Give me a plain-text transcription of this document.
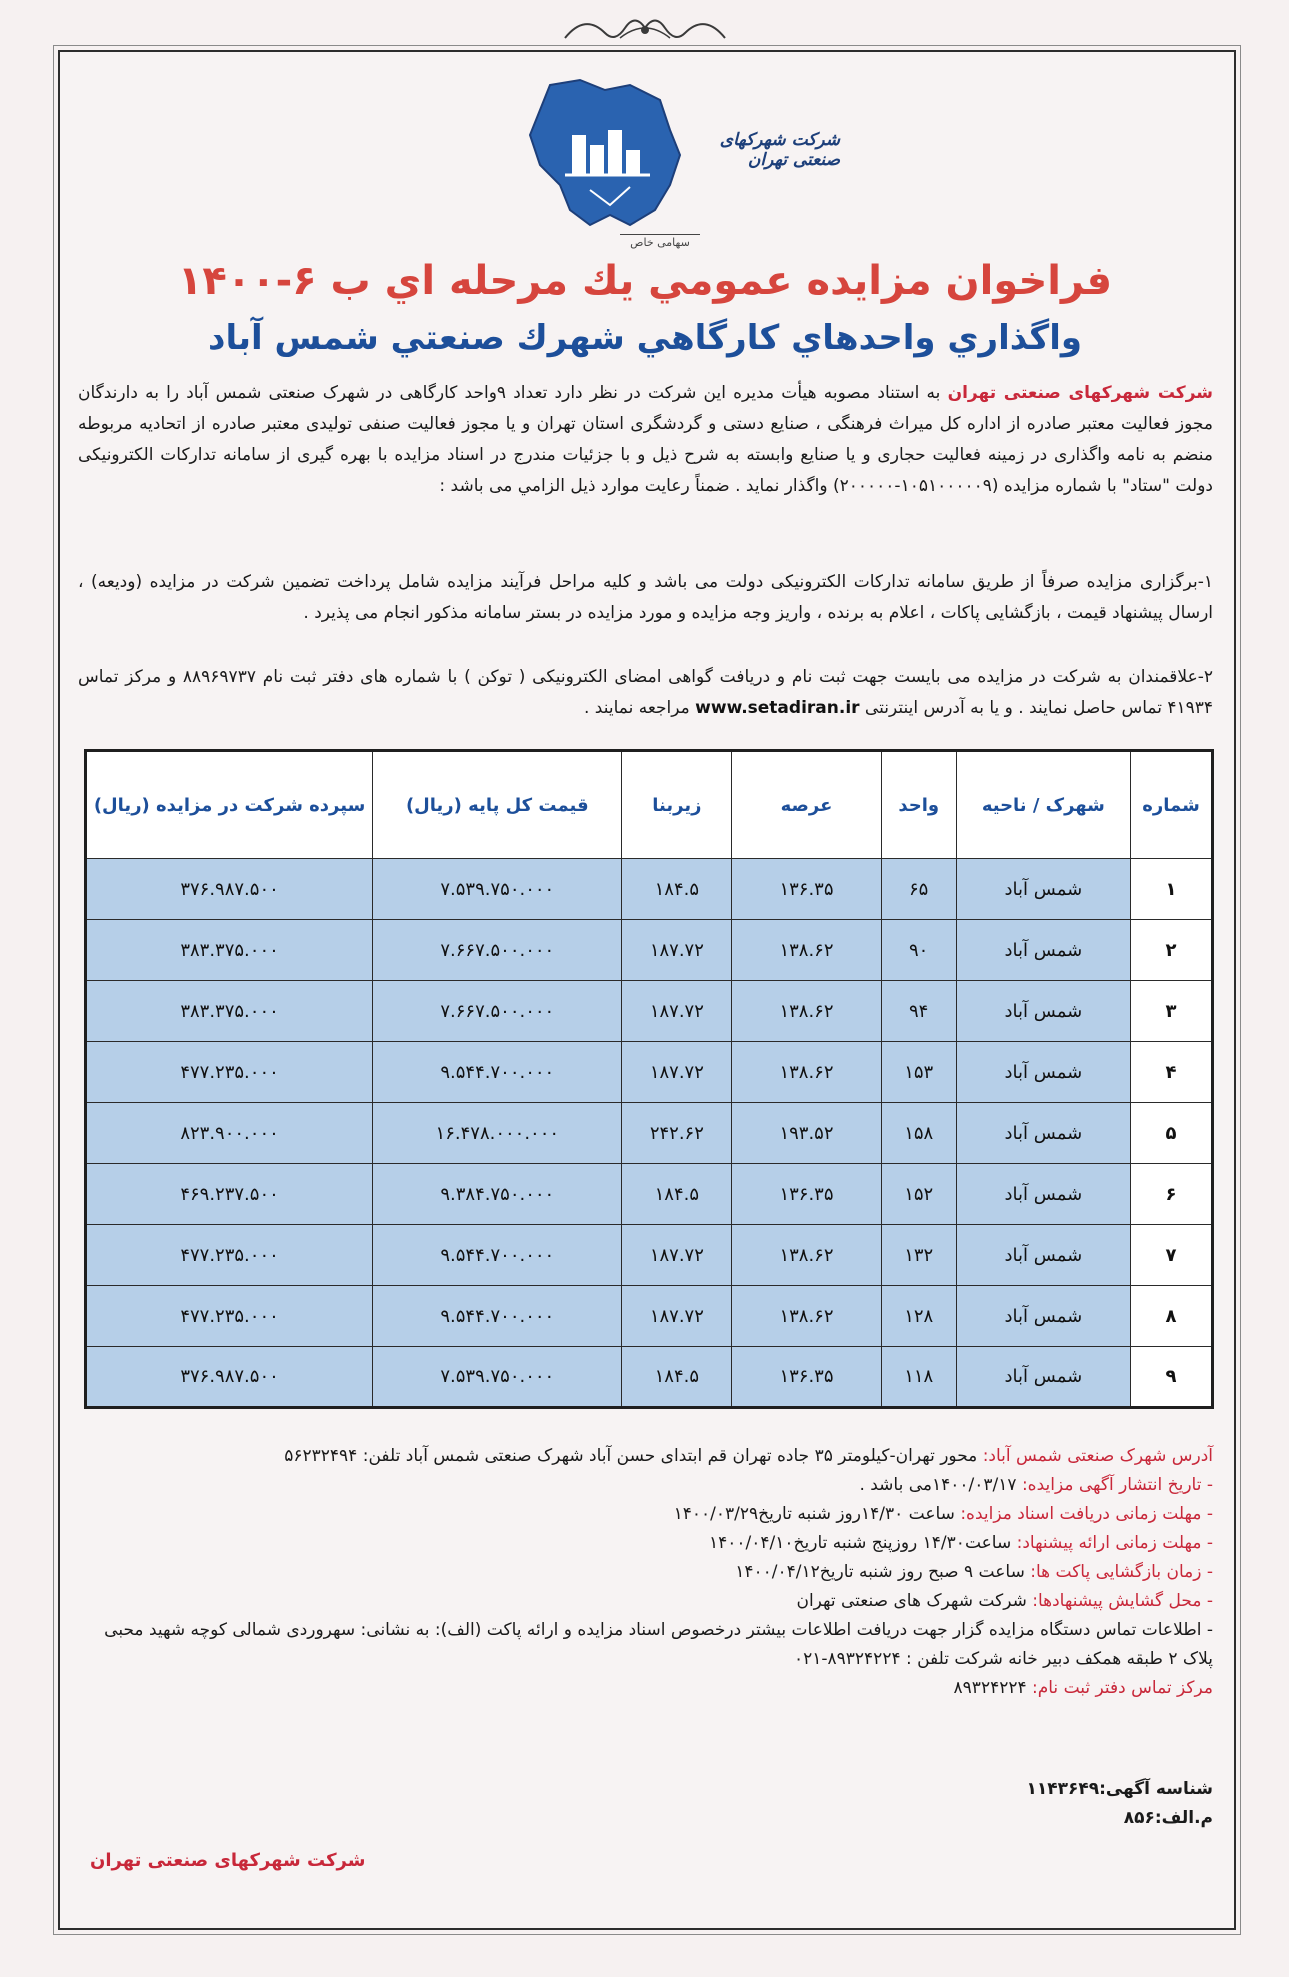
شرکت شهرکهای صنعتی تهران
سهامی خاص
فراخوان مزایده عمومي يك مرحله اي ب ۶-۱۴۰۰
واگذاري واحدهاي كارگاهي شهرك صنعتي شمس آباد

شرکت شهرکهای صنعتی تهران به استناد مصوبه هیأت مدیره این شرکت در نظر دارد تعداد ۹واحد کارگاهی در شهرک صنعتی شمس آباد را به دارندگان مجوز فعالیت معتبر صادره از اداره کل میراث فرهنگی ، صنایع دستی و گردشگری استان تهران و یا مجوز فعالیت صنفی تولیدی معتبر صادره از اتحادیه مربوطه منضم به نامه واگذاری در زمینه فعالیت حجاری و یا صنایع وابسته به شرح ذیل و با جزئیات مندرج در اسناد مزایده با بهره گیری از سامانه تدارکات الکترونیکی دولت "ستاد" با شماره مزایده (۱۰۵۱۰۰۰۰۰۹-۲۰۰۰۰۰) واگذار نماید . ضمناً رعایت موارد ذیل الزامي می باشد :

۱-برگزاری مزایده صرفاً از طریق سامانه تدارکات الکترونیکی دولت می باشد و کلیه مراحل فرآیند مزایده شامل پرداخت تضمین شرکت در مزایده (ودیعه) ، ارسال پیشنهاد قیمت ، بازگشایی پاکات ، اعلام به برنده ، واریز وجه مزایده و مورد مزایده در بستر سامانه مذکور انجام می پذیرد .

۲-علاقمندان به شرکت در مزایده می بایست جهت ثبت نام و دریافت گواهی امضای الکترونیکی ( توکن ) با شماره های دفتر ثبت نام ۸۸۹۶۹۷۳۷ و مرکز تماس ۴۱۹۳۴ تماس حاصل نمایند . و یا به آدرس اینترنتی www.setadiran.ir مراجعه نمایند .

شماره	شهرک / ناحیه	واحد	عرصه	زیربنا	قیمت کل پایه (ریال)	سپرده شرکت در مزایده (ریال)
۱	شمس آباد	۶۵	۱۳۶.۳۵	۱۸۴.۵	۷.۵۳۹.۷۵۰.۰۰۰	۳۷۶.۹۸۷.۵۰۰
۲	شمس آباد	۹۰	۱۳۸.۶۲	۱۸۷.۷۲	۷.۶۶۷.۵۰۰.۰۰۰	۳۸۳.۳۷۵.۰۰۰
۳	شمس آباد	۹۴	۱۳۸.۶۲	۱۸۷.۷۲	۷.۶۶۷.۵۰۰.۰۰۰	۳۸۳.۳۷۵.۰۰۰
۴	شمس آباد	۱۵۳	۱۳۸.۶۲	۱۸۷.۷۲	۹.۵۴۴.۷۰۰.۰۰۰	۴۷۷.۲۳۵.۰۰۰
۵	شمس آباد	۱۵۸	۱۹۳.۵۲	۲۴۲.۶۲	۱۶.۴۷۸.۰۰۰.۰۰۰	۸۲۳.۹۰۰.۰۰۰
۶	شمس آباد	۱۵۲	۱۳۶.۳۵	۱۸۴.۵	۹.۳۸۴.۷۵۰.۰۰۰	۴۶۹.۲۳۷.۵۰۰
۷	شمس آباد	۱۳۲	۱۳۸.۶۲	۱۸۷.۷۲	۹.۵۴۴.۷۰۰.۰۰۰	۴۷۷.۲۳۵.۰۰۰
۸	شمس آباد	۱۲۸	۱۳۸.۶۲	۱۸۷.۷۲	۹.۵۴۴.۷۰۰.۰۰۰	۴۷۷.۲۳۵.۰۰۰
۹	شمس آباد	۱۱۸	۱۳۶.۳۵	۱۸۴.۵	۷.۵۳۹.۷۵۰.۰۰۰	۳۷۶.۹۸۷.۵۰۰
آدرس شهرک صنعتی شمس آباد: محور تهران-کیلومتر ۳۵ جاده تهران قم ابتدای حسن آباد شهرک صنعتی شمس آباد تلفن: ۵۶۲۳۲۴۹۴
- تاریخ انتشار آگهی مزایده: ۱۴۰۰/۰۳/۱۷می باشد .
- مهلت زمانی دریافت اسناد مزایده: ساعت ۱۴/۳۰روز شنبه تاریخ۱۴۰۰/۰۳/۲۹
- مهلت زمانی ارائه پیشنهاد: ساعت۱۴/۳۰ روزپنج شنبه تاریخ۱۴۰۰/۰۴/۱۰
- زمان بازگشایی پاکت ها: ساعت ۹ صبح روز شنبه تاریخ۱۴۰۰/۰۴/۱۲
- محل گشایش پیشنهادها: شرکت شهرک های صنعتی تهران
- اطلاعات تماس دستگاه مزایده گزار جهت دریافت اطلاعات بیشتر درخصوص اسناد مزایده و ارائه پاکت (الف): به نشانی: سهروردی شمالی کوچه شهید محبی پلاک ۲ طبقه همکف دبیر خانه شرکت تلفن : ۸۹۳۲۴۲۲۴-۰۲۱
مرکز تماس دفتر ثبت نام: ۸۹۳۲۴۲۲۴
شناسه آگهی:۱۱۴۳۶۴۹
م.الف:۸۵۶
شرکت شهرکهای صنعتی تهران
